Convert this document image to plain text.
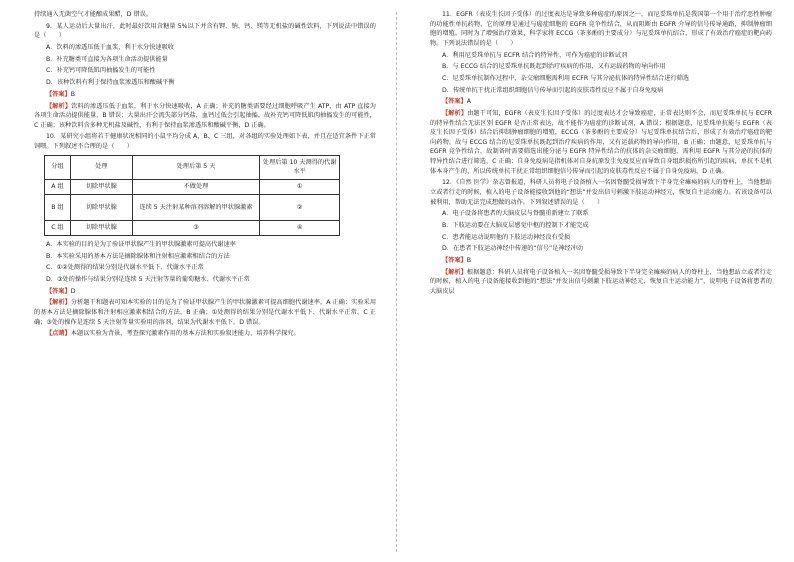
持续通入无菌空气才能酿成果醋，D 错误。

9．某人运动后大量出汗，此时最好饮用含糖量 5%以下并含有钾、钠、钙、镁等无机盐的碱性饮料，下列说法中错误的是（　　）

A．饮料的渗透压低于血浆，利于水分快速吸收

B．补充糖类可直接为各项生命活动提供能量

C．补充钙可降低肌肉抽搐发生的可能性

D．该种饮料有利于保持血浆渗透压和酸碱平衡

【答案】B

【解析】饮料的渗透压低于血浆，利于水分快速吸收，A 正确；补充的糖类需要经过细胞呼吸产生 ATP，由 ATP 直接为各项生命活动提供能量，B 错误；大量出汗会流失部分钙盐，血钙过低会引起抽搐，故补充钙可降低肌肉抽搐发生的可能性，C 正确；该种饮料含多种无机盐及碱性，有利于保持血浆渗透压和酸碱平衡，D 正确。

10．某研究小组将若干健康状况相同的小鼠平均分成 A、B、C 三组，对各组的实验处理如下表，并且在适宜条件下正常饲喂。下列叙述不合理的是（　　）

分组	处理	处理后第 5 天	处理后第 10 天测得的代谢水平
A 组	切除甲状腺	不做处理	①
B 组	切除甲状腺	连续 5 天注射某种溶剂溶解的甲状腺激素	②
C 组	切除甲状腺	③	④

A．本实验的目的是为了验证甲状腺产生的甲状腺激素可提高代谢速率

B．本实验采用的基本方法是摘除腺体和注射相应激素相结合的方法

C．①②处测得的结果分别是代谢水平低下、代谢水平正常

D．③处的操作与结果分别是连续 5 天注射等量的葡萄糖水、代谢水平正常

【答案】D

【解析】分析题干和题表可知本实验的目的是为了验证甲状腺产生的甲状腺激素可提高细胞代谢速率，A 正确；实验采用的基本方法是摘除腺体和注射相应激素相结合的方法，B 正确；①处测得的结果分别是代谢水平低下、代谢水平正常，C 正确；③处的操作是连续 5 天注射等量实验用的溶剂，结果为代谢水平低下，D 错误。

【点睛】本题以实验为背景，考查探究激素作用的基本方法和实验叙述能力，培养科学探究。

11．EGFR（表皮生长因子受体）的过度表达是导致多种癌症的原因之一。而尼妥珠单抗是我国第一个用于治疗恶性肿瘤的功能性单抗药物，它的原理是通过与癌症细胞的 EGFR 竞争性结合，从而阻断由 EGFR 介导的信号传导通路，抑制肿瘤细胞的增殖。同时为了增强治疗效果，科学家将 ECCG（茶多酚的主要成分）与尼妥珠单抗结合，形成了有效治疗癌症的靶向药物。下列说法错误的是（　　）

A．利用尼妥珠单抗与 ECFR 结合的特异性，可作为癌症的诊断试剂

B．与 ECCG 结合的尼妥珠单抗既起到治疗疾病的作用，又有运载药物的导向作用

C．尼妥珠单抗制作过程中，杂交瘤细胞需利用 ECFR 与其分泌抗体的特异性结合进行筛选

D．传统单抗干扰正常组织细胞信号传导而引起的皮肤毒性反应不属于自身免疫病

【答案】A

【解析】由题干可知，EGFR（表皮生长因子受体）的过度表达才会导致癌症，正常表达则不会，而尼妥珠单抗与 ECFR 的特异性结合无法区别 EGFR 是否正常表达，故不能作为癌症的诊断试剂，A 错误；根据题意，尼妥珠单抗能与 EGFR（表皮生长因子受体）结合后抑制肿瘤细胞的增殖，ECCG（茶多酚的主要成分）与尼妥珠单抗结合后，形成了有效治疗癌症的靶向药物，故与 ECCG 结合的尼妥珠单抗既起到治疗疾病的作用，又有运载药物的导向作用，B 正确；由题意，尼妥珠单抗与 EGFR 竞争性结合，故制备时需要筛选出能分泌与 EGFR 特异性结合的抗体的杂交瘤细胞，需利用 EGFR 与其分泌的抗体的特异性结合进行筛选，C 正确；自身免疫病是指机体对自身抗原发生免疫反应而导致自身组织损伤所引起的疾病，单抗不是机体本身产生的，所以传统单抗干扰正常组织细胞信号传导而引起的皮肤毒性反应不属于自身免疫病，D 正确。

12．《自然 医学》杂志曾报道，科研人员将电子设备植入一名因脊髓受损导致下半身完全瘫痪的病人的脊柱上，当他想站立或者行走的时候，植入的电子设备能接收到他的“想法”并发出信号刺激下肢运动神经元，恢复自主运动能力。若该设备可以被利用，帮助无法完成想做的动作。下列叙述错误的是（　　）

A．电子设备将患者的大脑皮层与脊髓重新建立了联系

B．下肢运动要在大脑皮层感觉中枢的控制下才能完成

C．患者能运动说明他的下肢运动神经没有受损

D．在患者下肢运动神经中传递的“信号”是神经冲动

【答案】B

【解析】根据题意：科研人员将电子设备植入一名因脊髓受损导致下半身完全瘫痪的病人的脊柱上，当他想站立或者行走的时候，植入的电子设备能接收到他的“想法”并发出信号刺激下肢运动神经元，恢复自主运动能力”，说明电子设备将患者的大脑皮层
